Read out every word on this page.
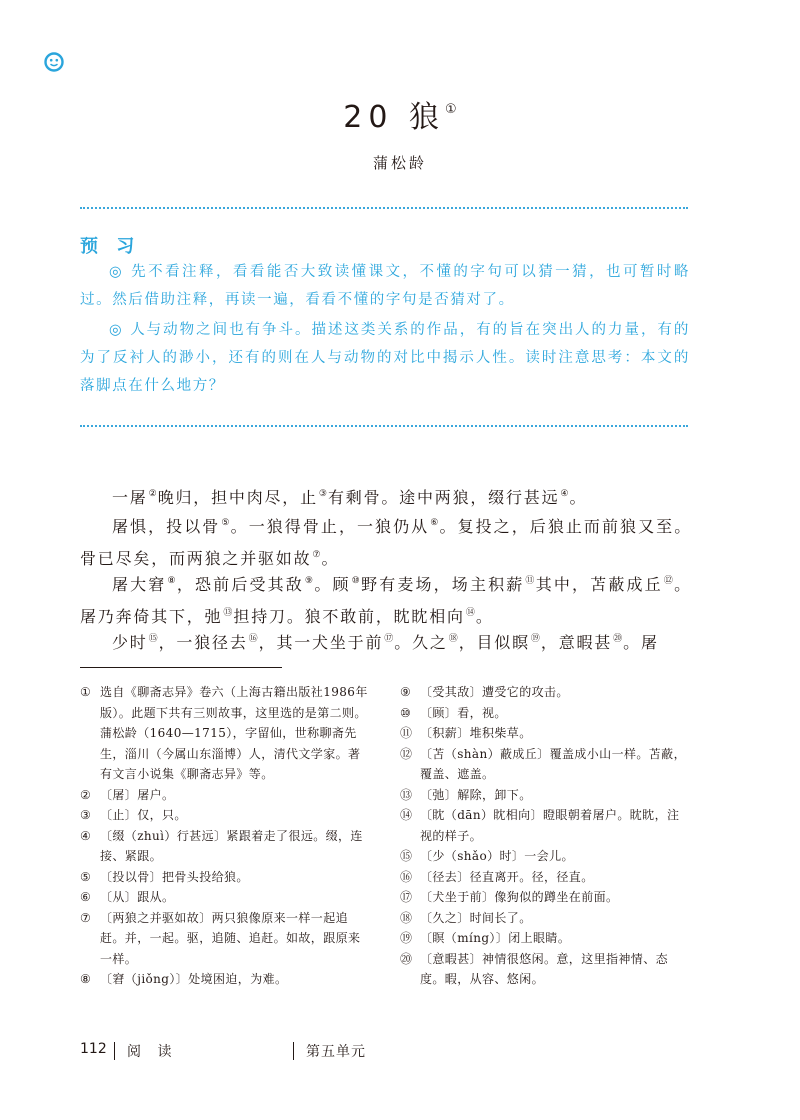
20 狼①
蒲松龄
预 习

◎ 先不看注释，看看能否大致读懂课文，不懂的字句可以猜一猜，也可暂时略过。然后借助注释，再读一遍，看看不懂的字句是否猜对了。

◎ 人与动物之间也有争斗。描述这类关系的作品，有的旨在突出人的力量，有的为了反衬人的渺小，还有的则在人与动物的对比中揭示人性。读时注意思考：本文的落脚点在什么地方？

一屠②晚归，担中肉尽，止③有剩骨。途中两狼，缀行甚远④。

屠惧，投以骨⑤。一狼得骨止，一狼仍从⑥。复投之，后狼止而前狼又至。骨已尽矣，而两狼之并驱如故⑦。

屠大窘⑧，恐前后受其敌⑨。顾⑩野有麦场，场主积薪⑪其中，苫蔽成丘⑫。屠乃奔倚其下，弛⑬担持刀。狼不敢前，眈眈相向⑭。

少时⑮，一狼径去⑯，其一犬坐于前⑰。久之⑱，目似瞑⑲，意暇甚⑳。屠

① 选自《聊斋志异》卷六（上海古籍出版社1986年版）。此题下共有三则故事，这里选的是第二则。蒲松龄（1640—1715），字留仙，世称聊斋先生，淄川（今属山东淄博）人，清代文学家。著有文言小说集《聊斋志异》等。
② 〔屠〕屠户。
③ 〔止〕仅，只。
④ 〔缀（zhuì）行甚远〕紧跟着走了很远。缀，连接、紧跟。
⑤ 〔投以骨〕把骨头投给狼。
⑥ 〔从〕跟从。
⑦ 〔两狼之并驱如故〕两只狼像原来一样一起追赶。并，一起。驱，追随、追赶。如故，跟原来一样。
⑧ 〔窘（jiǒng）〕处境困迫，为难。
⑨ 〔受其敌〕遭受它的攻击。
⑩ 〔顾〕看，视。
⑪ 〔积薪〕堆积柴草。
⑫ 〔苫（shàn）蔽成丘〕覆盖成小山一样。苫蔽，覆盖、遮盖。
⑬ 〔弛〕解除，卸下。
⑭ 〔眈（dān）眈相向〕瞪眼朝着屠户。眈眈，注视的样子。
⑮ 〔少（shǎo）时〕一会儿。
⑯ 〔径去〕径直离开。径，径直。
⑰ 〔犬坐于前〕像狗似的蹲坐在前面。
⑱ 〔久之〕时间长了。
⑲ 〔瞑（míng）〕闭上眼睛。
⑳ 〔意暇甚〕神情很悠闲。意，这里指神情、态度。暇，从容、悠闲。
112 阅 读	第五单元
